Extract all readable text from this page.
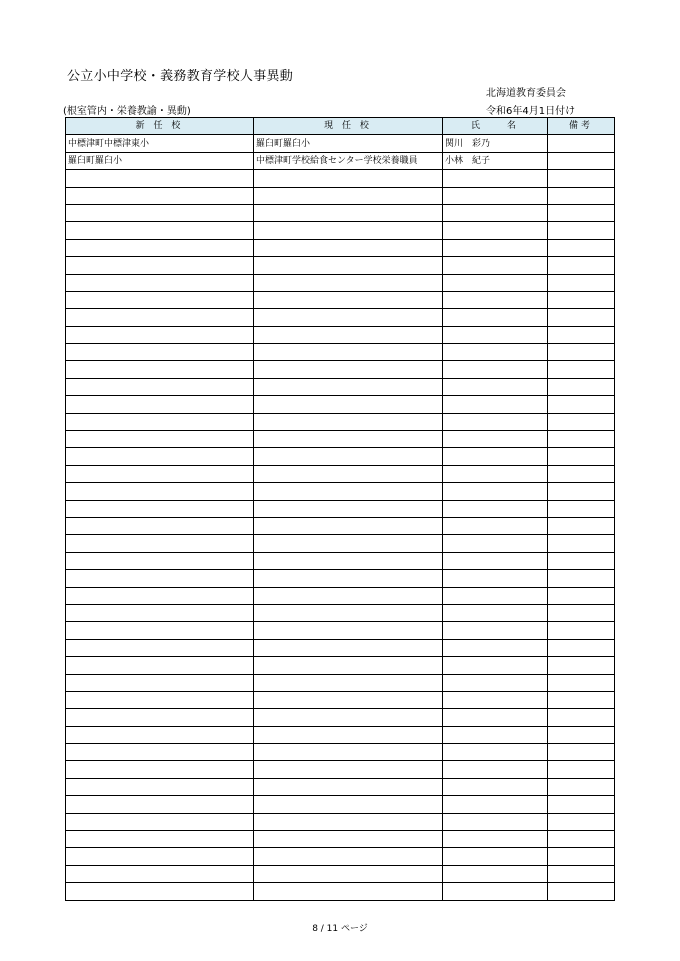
公立小中学校・義務教育学校人事異動
北海道教育委員会
(根室管内・栄養教諭・異動)	令和6年4月1日付け
新 任 校	現 任 校	氏　　名	備考
中標津町中標津東小	羅臼町羅臼小	関川　彩乃	
羅臼町羅臼小	中標津町学校給食センター学校栄養職員	小林　紀子	

8 / 11 ページ
